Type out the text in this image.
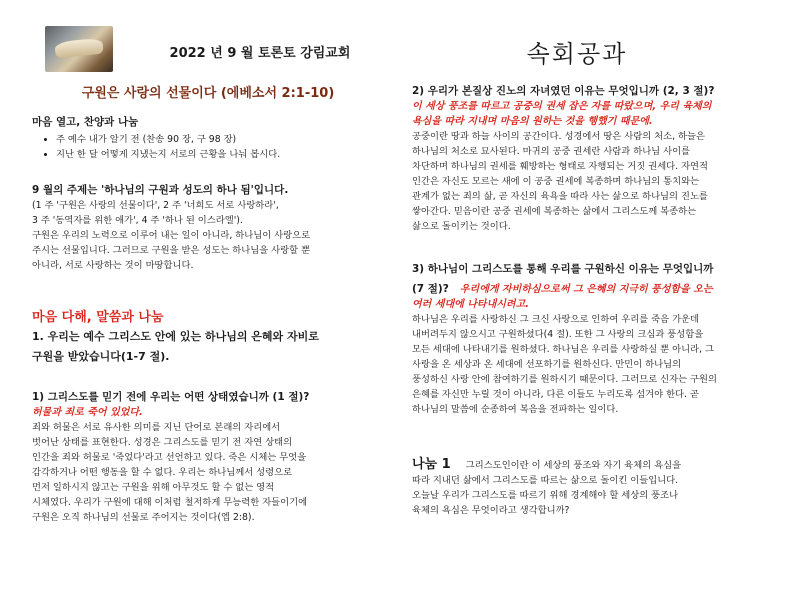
2022 년 9 월 토론토 강림교회	속회공과
구원은 사랑의 선물이다 (에베소서 2:1-10)
마음 열고, 찬양과 나눔
• 주 예수 내가 알기 전 (찬송 90 장, 구 98 장)
• 지난 한 달 어떻게 지냈는지 서로의 근황을 나눠 봅시다.
9 월의 주제는 '하나님의 구원과 성도의 하나 됨'입니다.
(1 주 '구원은 사랑의 선물이다', 2 주 '너희도 서로 사랑하라',
3 주 '동역자를 위한 애가', 4 주 '하나 된 이스라엘').
구원은 우리의 노력으로 이루어 내는 일이 아니라, 하나님이 사랑으로
주시는 선물입니다. 그러므로 구원을 받은 성도는 하나님을 사랑할 뿐
아니라, 서로 사랑하는 것이 마땅합니다.
마음 다해, 말씀과 나눔
1. 우리는 예수 그리스도 안에 있는 하나님의 은혜와 자비로
구원을 받았습니다(1-7 절).
1) 그리스도를 믿기 전에 우리는 어떤 상태였습니까 (1 절)?
허물과 죄로 죽어 있었다.
죄와 허물은 서로 유사한 의미를 지닌 단어로 본래의 자리에서
벗어난 상태를 표현한다. 성경은 그리스도를 믿기 전 자연 상태의
인간을 죄와 허물로 '죽었다'라고 선언하고 있다. 죽은 시체는 무엇을
감각하거나 어떤 행동을 할 수 없다. 우리는 하나님께서 성령으로
먼저 일하시지 않고는 구원을 위해 아무것도 할 수 없는 영적
시체였다. 우리가 구원에 대해 이처럼 철저하게 무능력한 자들이기에
구원은 오직 하나님의 선물로 주어지는 것이다(엡 2:8).
2) 우리가 본질상 진노의 자녀였던 이유는 무엇입니까 (2, 3 절)?
이 세상 풍조를 따르고 공중의 권세 잡은 자를 따랐으며, 우리 육체의
욕심을 따라 지내며 마음의 원하는 것을 행했기 때문에.
공중이란 땅과 하늘 사이의 공간이다. 성경에서 땅은 사람의 처소, 하늘은
하나님의 처소로 묘사된다. 마귀의 공중 권세란 사람과 하나님 사이를
차단하며 하나님의 권세를 훼방하는 형태로 자행되는 거짓 권세다. 자연적
인간은 자신도 모르는 새에 이 공중 권세에 복종하며 하나님의 통치와는
관계가 없는 죄의 삶, 곧 자신의 육욕을 따라 사는 삶으로 하나님의 진노를
쌓아간다. 믿음이란 공중 권세에 복종하는 삶에서 그리스도께 복종하는
삶으로 돌이키는 것이다.
3) 하나님이 그리스도를 통해 우리를 구원하신 이유는 무엇입니까
(7 절)? 우리에게 자비하심으로써 그 은혜의 지극히 풍성함을 오는
여러 세대에 나타내시려고.
하나님은 우리를 사랑하신 그 크신 사랑으로 인하여 우리를 죽음 가운데
내버려두지 않으시고 구원하셨다(4 절). 또한 그 사랑의 크심과 풍성함을
모든 세대에 나타내기를 원하셨다. 하나님은 우리를 사랑하실 뿐 아니라, 그
사랑을 온 세상과 온 세대에 선포하기를 원하신다. 만민이 하나님의
풍성하신 사랑 안에 참여하기를 원하시기 때문이다. 그러므로 신자는 구원의
은혜를 자신만 누릴 것이 아니라, 다른 이들도 누리도록 섬겨야 한다. 곧
하나님의 말씀에 순종하여 복음을 전파하는 일이다.
나눔 1 그리스도인이란 이 세상의 풍조와 자기 육체의 욕심을
따라 지내던 삶에서 그리스도를 따르는 삶으로 돌이킨 이들입니다.
오늘날 우리가 그리스도를 따르기 위해 경계해야 할 세상의 풍조나
육체의 욕심은 무엇이라고 생각합니까?
